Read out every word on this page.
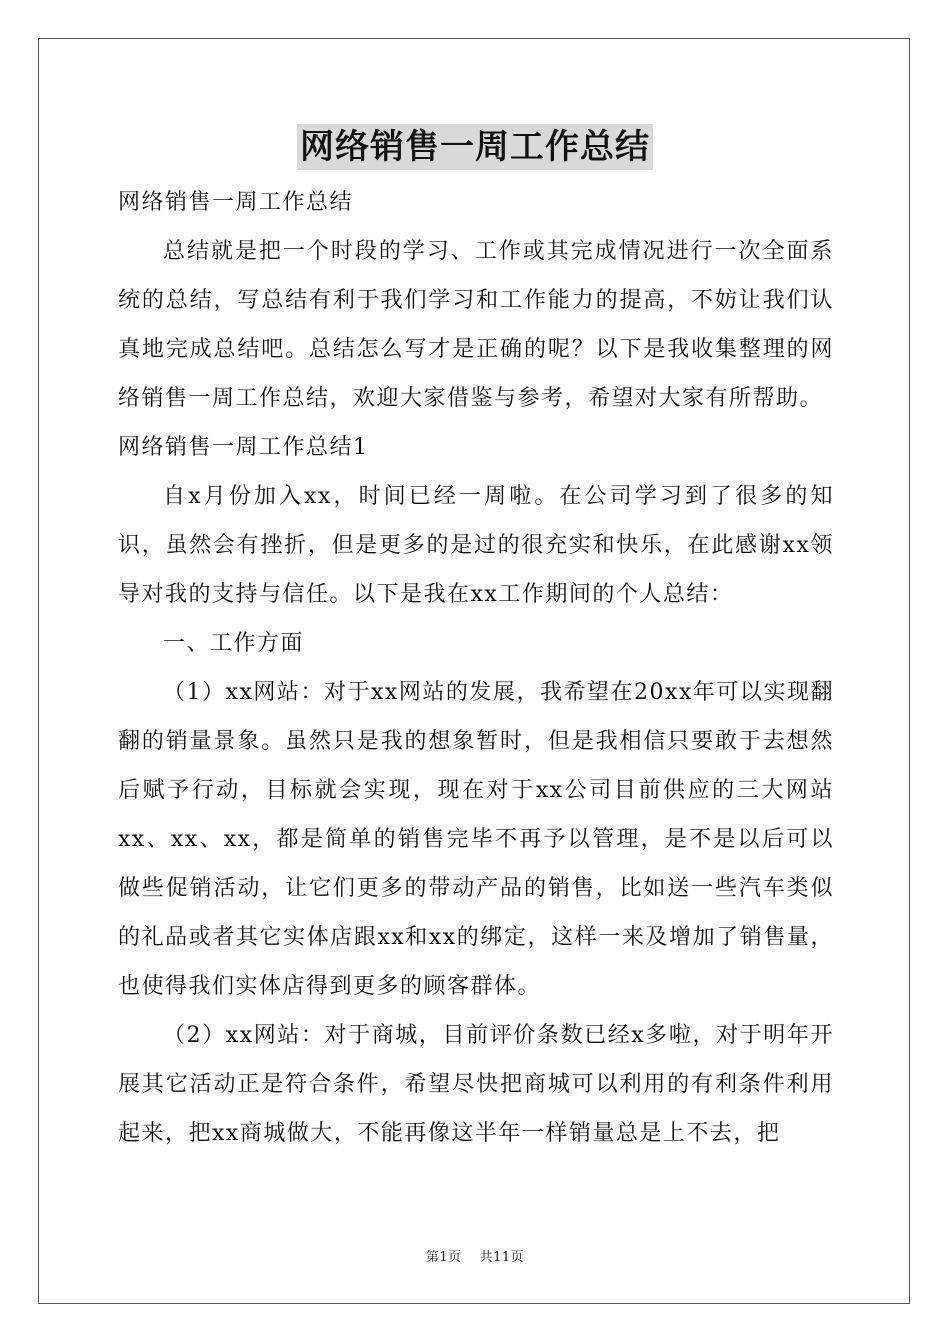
网络销售一周工作总结

网络销售一周工作总结

总结就是把一个时段的学习、工作或其完成情况进行一次全面系统的总结，写总结有利于我们学习和工作能力的提高，不妨让我们认真地完成总结吧。总结怎么写才是正确的呢？以下是我收集整理的网络销售一周工作总结，欢迎大家借鉴与参考，希望对大家有所帮助。

网络销售一周工作总结1

自x月份加入xx，时间已经一周啦。在公司学习到了很多的知识，虽然会有挫折，但是更多的是过的很充实和快乐，在此感谢xx领导对我的支持与信任。以下是我在xx工作期间的个人总结：

一、工作方面

（1）xx网站：对于xx网站的发展，我希望在20xx年可以实现翻翻的销量景象。虽然只是我的想象暂时，但是我相信只要敢于去想然后赋予行动，目标就会实现，现在对于xx公司目前供应的三大网站xx、xx、xx，都是简单的销售完毕不再予以管理，是不是以后可以做些促销活动，让它们更多的带动产品的销售，比如送一些汽车类似的礼品或者其它实体店跟xx和xx的绑定，这样一来及增加了销售量，也使得我们实体店得到更多的顾客群体。

（2）xx网站：对于商城，目前评价条数已经x多啦，对于明年开展其它活动正是符合条件，希望尽快把商城可以利用的有利条件利用起来，把xx商城做大，不能再像这半年一样销量总是上不去，把

第1页 共11页
